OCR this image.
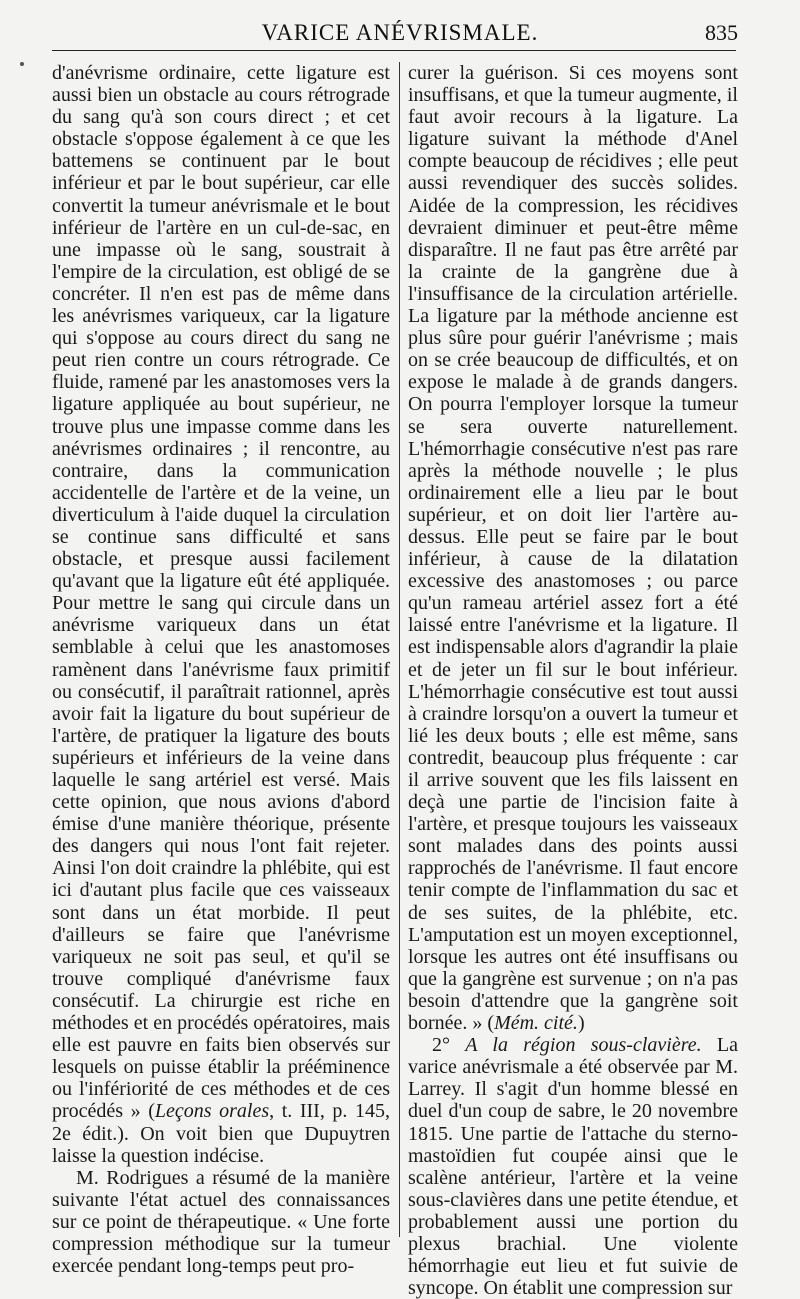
VARICE ANÉVRISMALE.	835

d'anévrisme ordinaire, cette ligature est aussi bien un obstacle au cours rétrograde du sang qu'à son cours direct ; et cet obstacle s'oppose également à ce que les battemens se continuent par le bout inférieur et par le bout supérieur, car elle convertit la tumeur anévrismale et le bout inférieur de l'artère en un cul-de-sac, en une impasse où le sang, soustrait à l'empire de la circulation, est obligé de se concréter. Il n'en est pas de même dans les anévrismes variqueux, car la ligature qui s'oppose au cours direct du sang ne peut rien contre un cours rétrograde. Ce fluide, ramené par les anastomoses vers la ligature appliquée au bout supérieur, ne trouve plus une impasse comme dans les anévrismes ordinaires ; il rencontre, au contraire, dans la communication accidentelle de l'artère et de la veine, un diverticulum à l'aide duquel la circulation se continue sans difficulté et sans obstacle, et presque aussi facilement qu'avant que la ligature eût été appliquée. Pour mettre le sang qui circule dans un anévrisme variqueux dans un état semblable à celui que les anastomoses ramènent dans l'anévrisme faux primitif ou consécutif, il paraîtrait rationnel, après avoir fait la ligature du bout supérieur de l'artère, de pratiquer la ligature des bouts supérieurs et inférieurs de la veine dans laquelle le sang artériel est versé. Mais cette opinion, que nous avions d'abord émise d'une manière théorique, présente des dangers qui nous l'ont fait rejeter. Ainsi l'on doit craindre la phlébite, qui est ici d'autant plus facile que ces vaisseaux sont dans un état morbide. Il peut d'ailleurs se faire que l'anévrisme variqueux ne soit pas seul, et qu'il se trouve compliqué d'anévrisme faux consécutif. La chirurgie est riche en méthodes et en procédés opératoires, mais elle est pauvre en faits bien observés sur lesquels on puisse établir la prééminence ou l'infériorité de ces méthodes et de ces procédés » (Leçons orales, t. III, p. 145, 2e édit.). On voit bien que Dupuytren laisse la question indécise.

M. Rodrigues a résumé de la manière suivante l'état actuel des connaissances sur ce point de thérapeutique. « Une forte compression méthodique sur la tumeur exercée pendant long-temps peut pro-

curer la guérison. Si ces moyens sont insuffisans, et que la tumeur augmente, il faut avoir recours à la ligature. La ligature suivant la méthode d'Anel compte beaucoup de récidives ; elle peut aussi revendiquer des succès solides. Aidée de la compression, les récidives devraient diminuer et peut-être même disparaître. Il ne faut pas être arrêté par la crainte de la gangrène due à l'insuffisance de la circulation artérielle. La ligature par la méthode ancienne est plus sûre pour guérir l'anévrisme ; mais on se crée beaucoup de difficultés, et on expose le malade à de grands dangers. On pourra l'employer lorsque la tumeur se sera ouverte naturellement. L'hémorrhagie consécutive n'est pas rare après la méthode nouvelle ; le plus ordinairement elle a lieu par le bout supérieur, et on doit lier l'artère au-dessus. Elle peut se faire par le bout inférieur, à cause de la dilatation excessive des anastomoses ; ou parce qu'un rameau artériel assez fort a été laissé entre l'anévrisme et la ligature. Il est indispensable alors d'agrandir la plaie et de jeter un fil sur le bout inférieur. L'hémorrhagie consécutive est tout aussi à craindre lorsqu'on a ouvert la tumeur et lié les deux bouts ; elle est même, sans contredit, beaucoup plus fréquente : car il arrive souvent que les fils laissent en deçà une partie de l'incision faite à l'artère, et presque toujours les vaisseaux sont malades dans des points aussi rapprochés de l'anévrisme. Il faut encore tenir compte de l'inflammation du sac et de ses suites, de la phlébite, etc. L'amputation est un moyen exceptionnel, lorsque les autres ont été insuffisans ou que la gangrène est survenue ; on n'a pas besoin d'attendre que la gangrène soit bornée. » (Mém. cité.)

2° A la région sous-clavière. La varice anévrismale a été observée par M. Larrey. Il s'agit d'un homme blessé en duel d'un coup de sabre, le 20 novembre 1815. Une partie de l'attache du sterno-mastoïdien fut coupée ainsi que le scalène antérieur, l'artère et la veine sous-clavières dans une petite étendue, et probablement aussi une portion du plexus brachial. Une violente hémorrhagie eut lieu et fut suivie de syncope. On établit une compression sur
